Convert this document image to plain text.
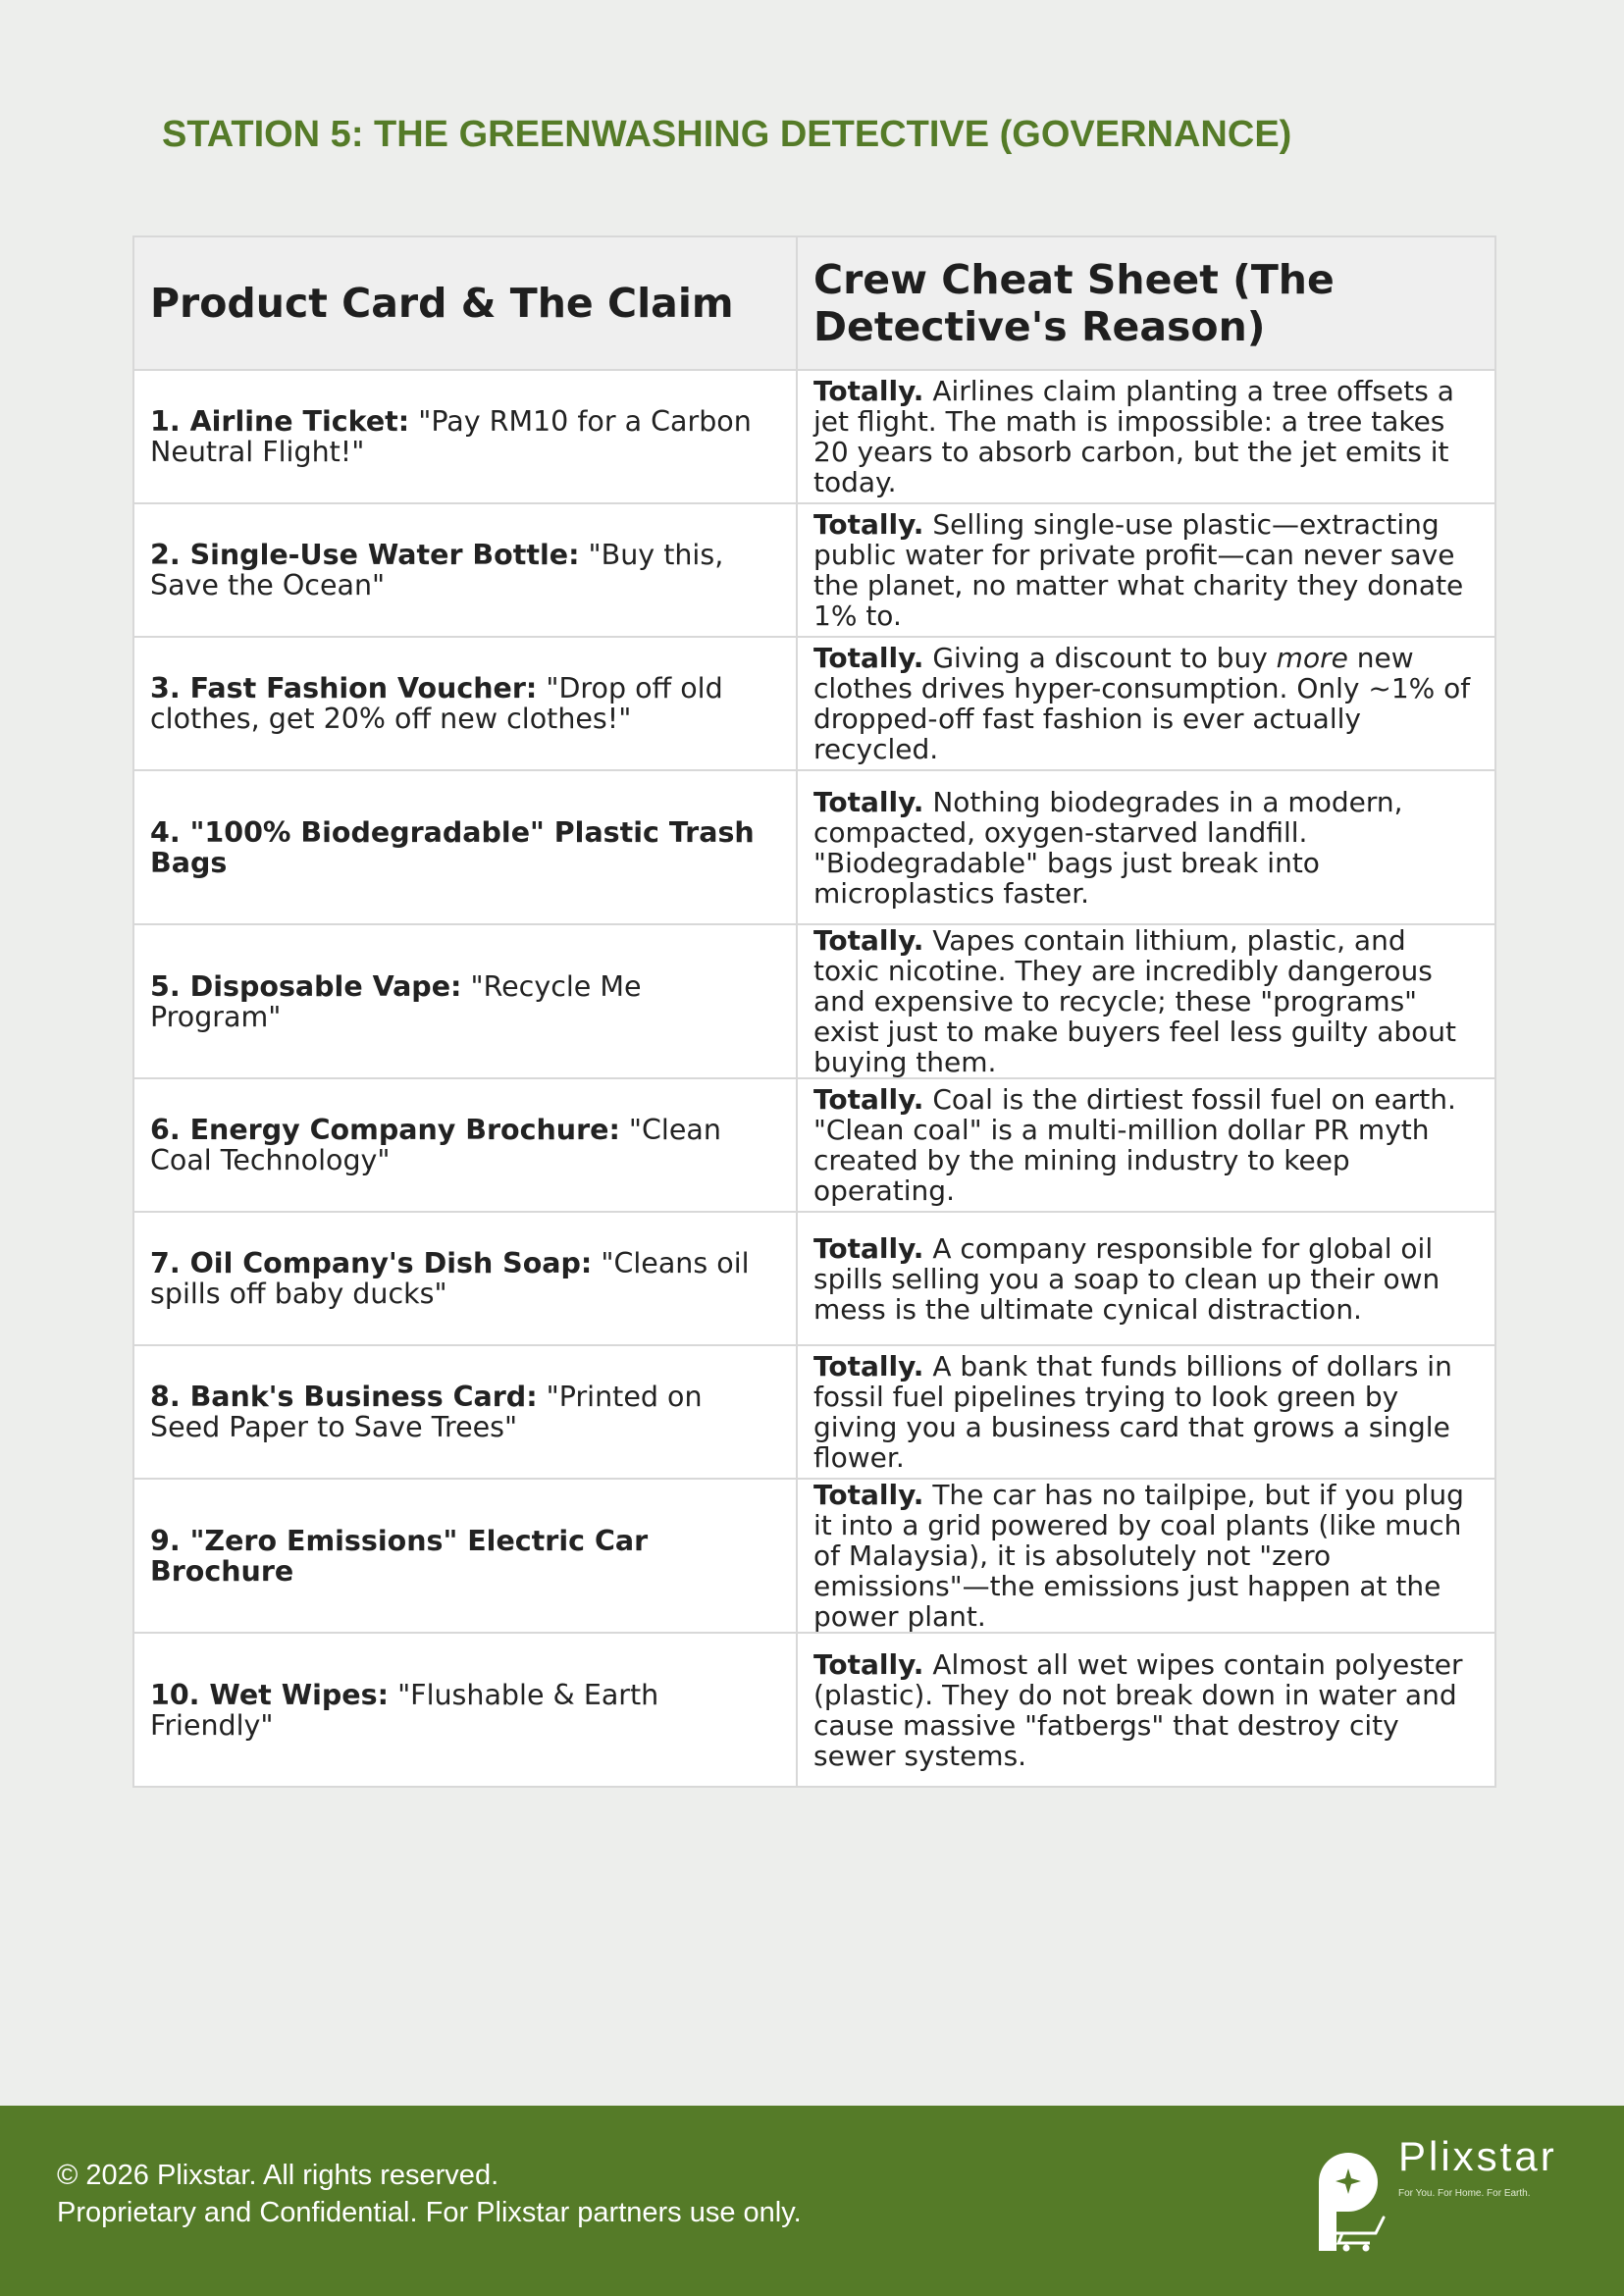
STATION 5: THE GREENWASHING DETECTIVE (GOVERNANCE)
Product Card & The Claim	Crew Cheat Sheet (The Detective's Reason)
1. Airline Ticket: "Pay RM10 for a Carbon Neutral Flight!"	Totally. Airlines claim planting a tree offsets a jet flight. The math is impossible: a tree takes 20 years to absorb carbon, but the jet emits it today.
2. Single-Use Water Bottle: "Buy this, Save the Ocean"	Totally. Selling single-use plastic—extracting public water for private profit—can never save the planet, no matter what charity they donate 1% to.
3. Fast Fashion Voucher: "Drop off old clothes, get 20% off new clothes!"	Totally. Giving a discount to buy more new clothes drives hyper-consumption. Only ~1% of dropped-off fast fashion is ever actually recycled.
4. "100% Biodegradable" Plastic Trash Bags	Totally. Nothing biodegrades in a modern, compacted, oxygen-starved landfill. "Biodegradable" bags just break into microplastics faster.
5. Disposable Vape: "Recycle Me Program"	Totally. Vapes contain lithium, plastic, and toxic nicotine. They are incredibly dangerous and expensive to recycle; these "programs" exist just to make buyers feel less guilty about buying them.
6. Energy Company Brochure: "Clean Coal Technology"	Totally. Coal is the dirtiest fossil fuel on earth. "Clean coal" is a multi-million dollar PR myth created by the mining industry to keep operating.
7. Oil Company's Dish Soap: "Cleans oil spills off baby ducks"	Totally. A company responsible for global oil spills selling you a soap to clean up their own mess is the ultimate cynical distraction.
8. Bank's Business Card: "Printed on Seed Paper to Save Trees"	Totally. A bank that funds billions of dollars in fossil fuel pipelines trying to look green by giving you a business card that grows a single flower.
9. "Zero Emissions" Electric Car Brochure	Totally. The car has no tailpipe, but if you plug it into a grid powered by coal plants (like much of Malaysia), it is absolutely not "zero emissions"—the emissions just happen at the power plant.
10. Wet Wipes: "Flushable & Earth Friendly"	Totally. Almost all wet wipes contain polyester (plastic). They do not break down in water and cause massive "fatbergs" that destroy city sewer systems.

© 2026 Plixstar. All rights reserved.
Proprietary and Confidential. For Plixstar partners use only.

Plixstar
For You. For Home. For Earth.
